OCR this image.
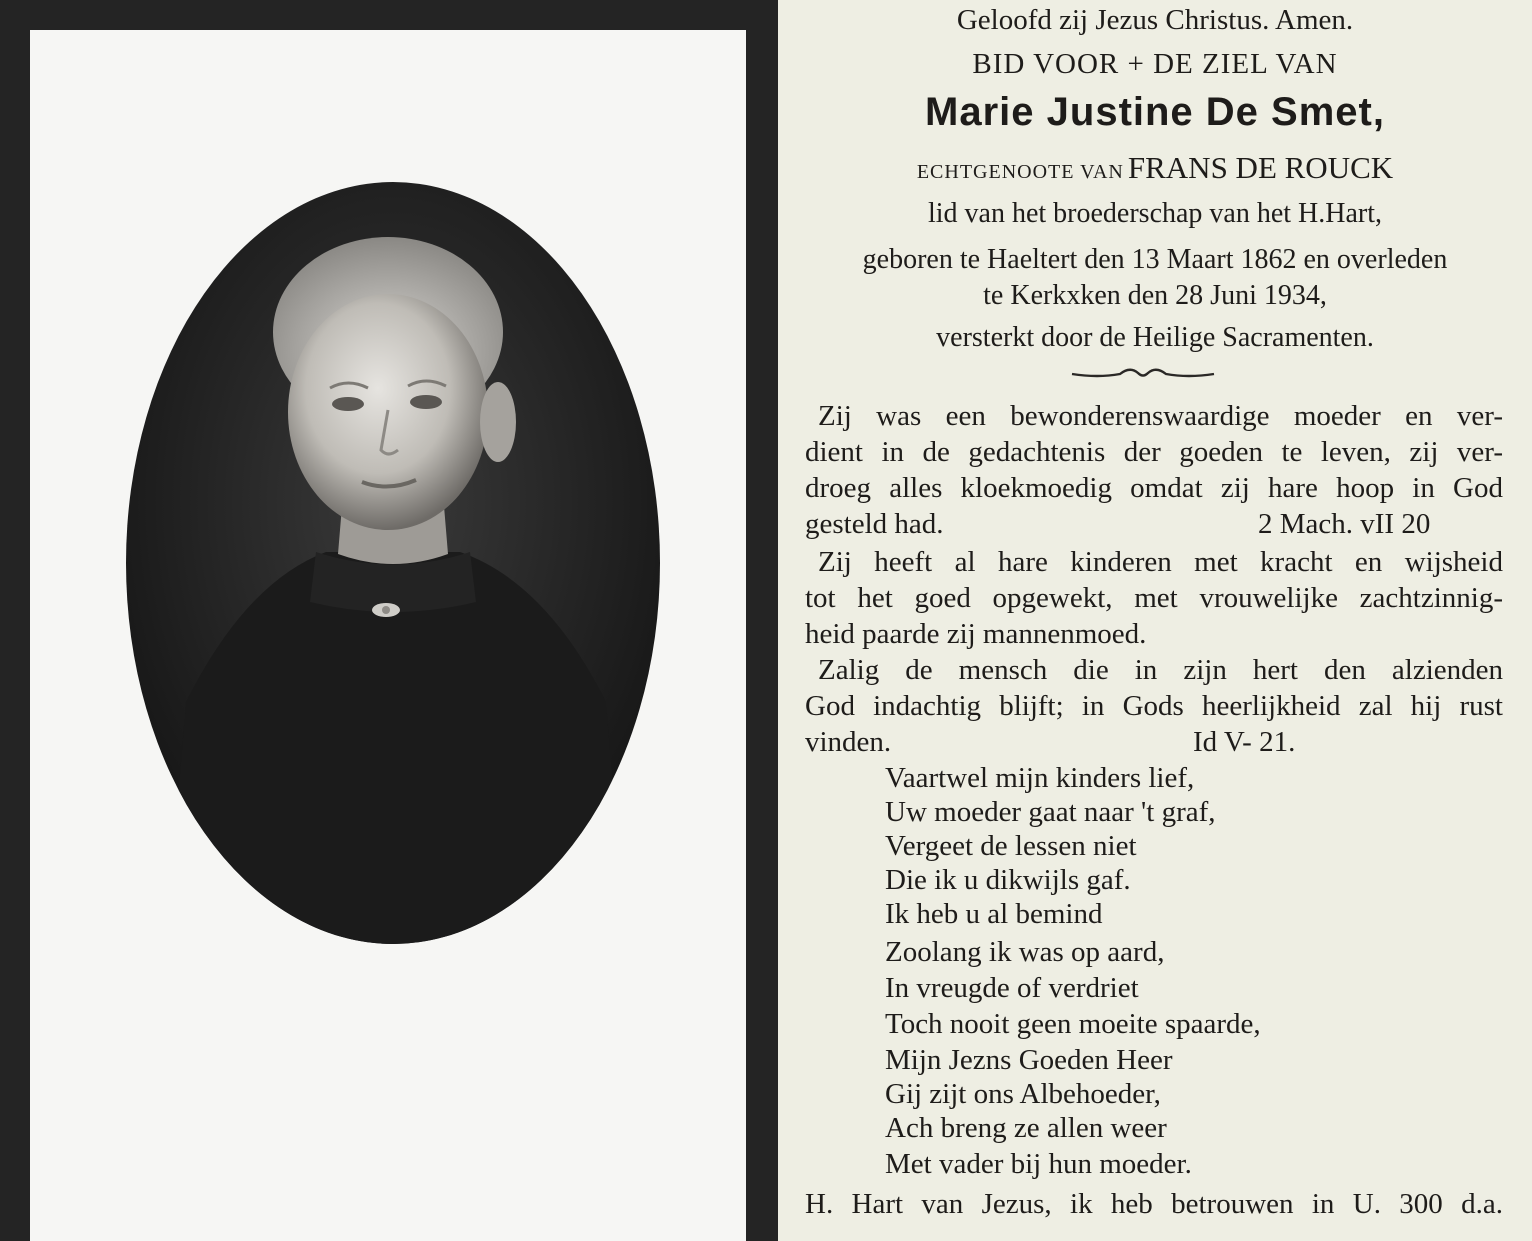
Geloofd zij Jezus Christus. Amen.
BID VOOR + DE ZIEL VAN
Marie Justine De Smet,
ECHTGENOOTE VAN FRANS DE ROUCK
lid van het broederschap van het H.Hart,
geboren te Haeltert den 13 Maart 1862 en overleden
te Kerkxken den 28 Juni 1934,
versterkt door de Heilige Sacramenten.
Zij was een bewonderenswaardige moeder en ver-
dient in de gedachtenis der goeden te leven, zij ver-
droeg alles kloekmoedig omdat zij hare hoop in God
gesteld had.	2 Mach. vII 20
Zij heeft al hare kinderen met kracht en wijsheid
tot het goed opgewekt, met vrouwelijke zachtzinnig-
heid paarde zij mannenmoed.
Zalig de mensch die in zijn hert den alzienden
God indachtig blijft; in Gods heerlijkheid zal hij rust
vinden.	Id V- 21.
Vaartwel mijn kinders lief,
Uw moeder gaat naar 't graf,
Vergeet de lessen niet
Die ik u dikwijls gaf.
Ik heb u al bemind
Zoolang ik was op aard,
In vreugde of verdriet
Toch nooit geen moeite spaarde,
Mijn Jezns Goeden Heer
Gij zijt ons Albehoeder,
Ach breng ze allen weer
Met vader bij hun moeder.
H. Hart van Jezus, ik heb betrouwen in U. 300 d.a.
